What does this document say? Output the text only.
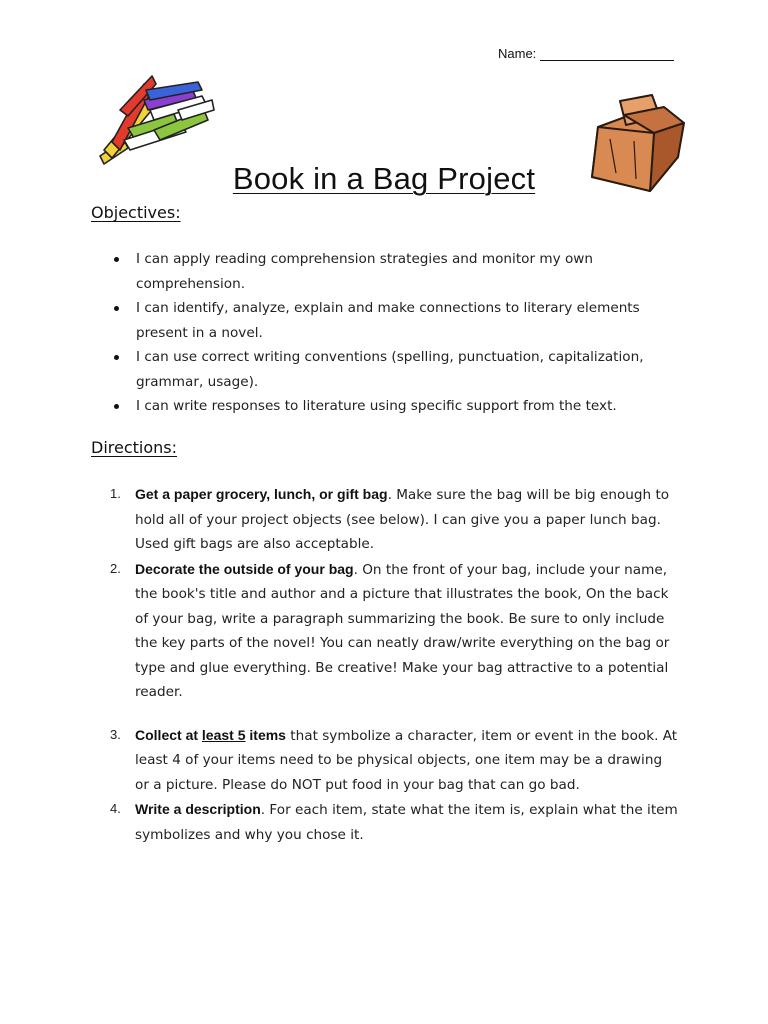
Name:
Book in a Bag Project
Objectives:
I can apply reading comprehension strategies and monitor my own comprehension.
I can identify, analyze, explain and make connections to literary elements present in a novel.
I can use correct writing conventions (spelling, punctuation, capitalization, grammar, usage).
I can write responses to literature using specific support from the text.
Directions:
1. Get a paper grocery, lunch, or gift bag. Make sure the bag will be big enough to hold all of your project objects (see below). I can give you a paper lunch bag. Used gift bags are also acceptable.
2. Decorate the outside of your bag. On the front of your bag, include your name, the book's title and author and a picture that illustrates the book, On the back of your bag, write a paragraph summarizing the book. Be sure to only include the key parts of the novel! You can neatly draw/write everything on the bag or type and glue everything. Be creative! Make your bag attractive to a potential reader.
3. Collect at least 5 items that symbolize a character, item or event in the book. At least 4 of your items need to be physical objects, one item may be a drawing or a picture. Please do NOT put food in your bag that can go bad.
4. Write a description. For each item, state what the item is, explain what the item symbolizes and why you chose it.
